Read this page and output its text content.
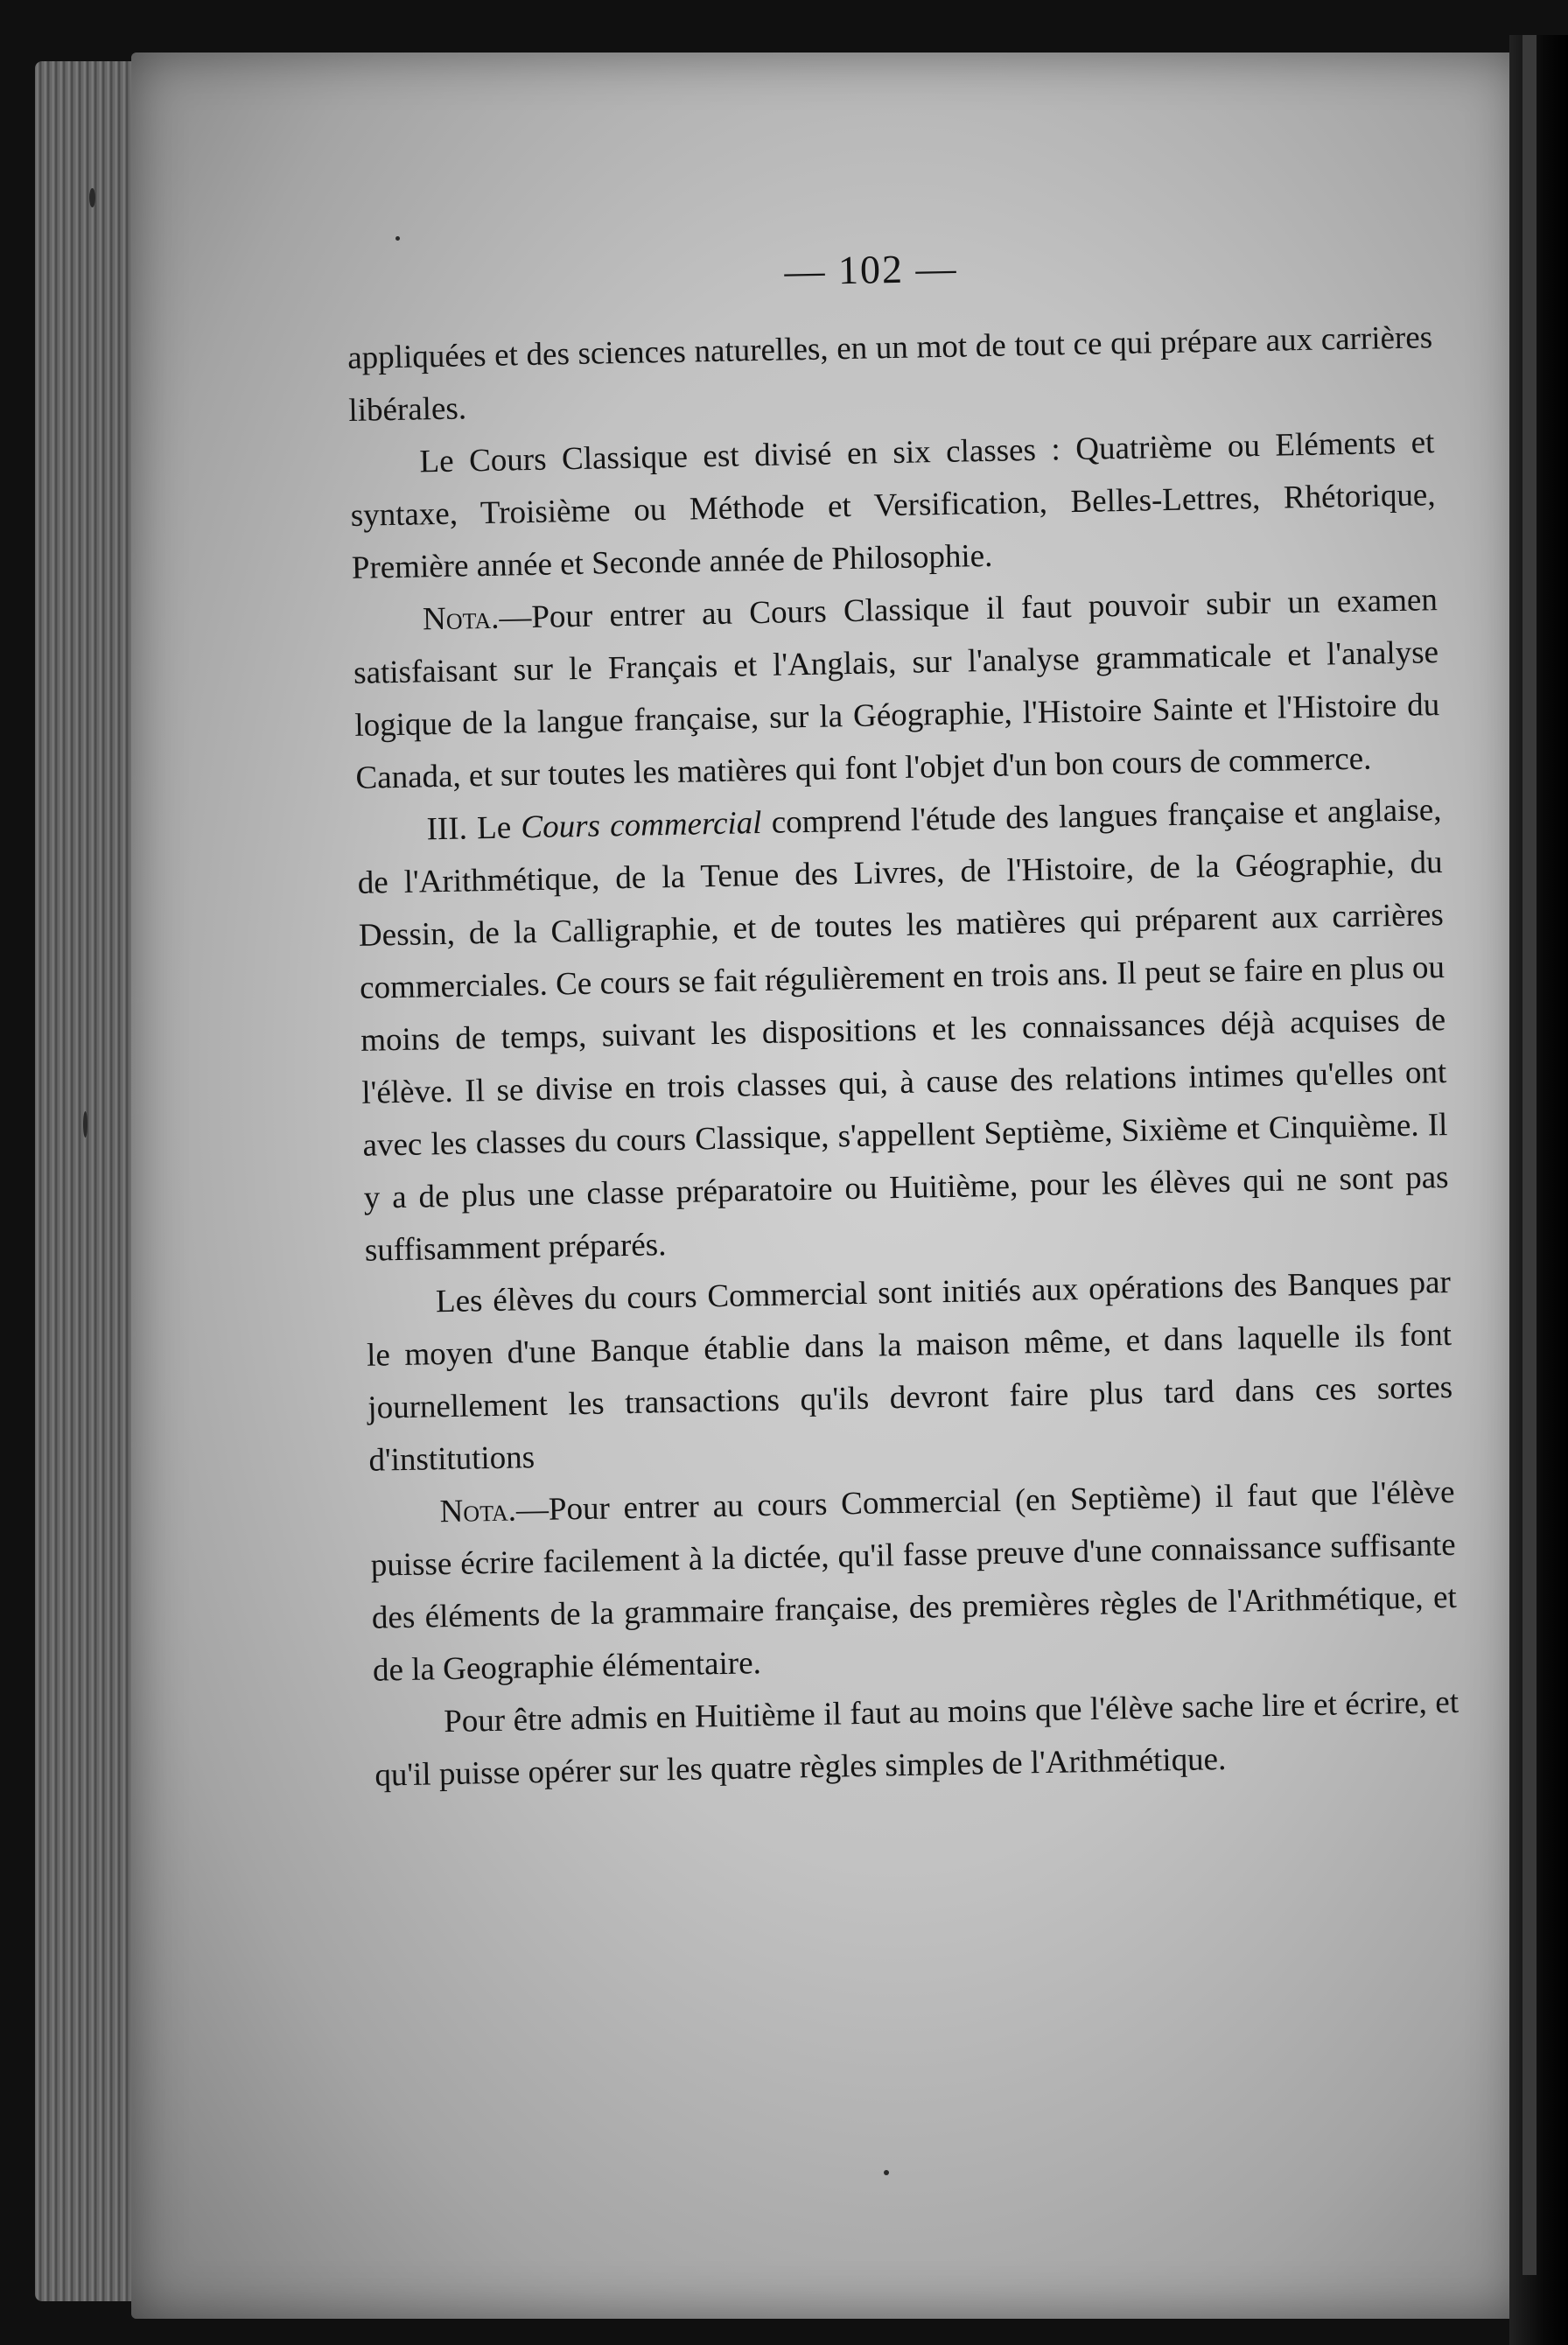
— 102 —

appliquées et des sciences naturelles, en un mot de tout ce qui prépare aux carrières libérales.

Le Cours Classique est divisé en six classes : Quatrième ou Eléments et syntaxe, Troisième ou Méthode et Versification, Belles-Lettres, Rhétorique, Première année et Seconde année de Philosophie.

Nota.—Pour entrer au Cours Classique il faut pouvoir subir un examen satisfaisant sur le Français et l'Anglais, sur l'analyse grammaticale et l'analyse logique de la langue française, sur la Géographie, l'Histoire Sainte et l'Histoire du Canada, et sur toutes les matières qui font l'objet d'un bon cours de commerce.

III. Le Cours commercial comprend l'étude des langues française et anglaise, de l'Arithmétique, de la Tenue des Livres, de l'Histoire, de la Géographie, du Dessin, de la Calligraphie, et de toutes les matières qui préparent aux carrières commerciales. Ce cours se fait régulièrement en trois ans. Il peut se faire en plus ou moins de temps, suivant les dispositions et les connaissances déjà acquises de l'élève. Il se divise en trois classes qui, à cause des relations intimes qu'elles ont avec les classes du cours Classique, s'appellent Septième, Sixième et Cinquième. Il y a de plus une classe préparatoire ou Huitième, pour les élèves qui ne sont pas suffisamment préparés.

Les élèves du cours Commercial sont initiés aux opérations des Banques par le moyen d'une Banque établie dans la maison même, et dans laquelle ils font journellement les transactions qu'ils devront faire plus tard dans ces sortes d'institutions

Nota.—Pour entrer au cours Commercial (en Septième) il faut que l'élève puisse écrire facilement à la dictée, qu'il fasse preuve d'une connaissance suffisante des éléments de la grammaire française, des premières règles de l'Arithmétique, et de la Geographie élémentaire.

Pour être admis en Huitième il faut au moins que l'élève sache lire et écrire, et qu'il puisse opérer sur les quatre règles simples de l'Arithmétique.
